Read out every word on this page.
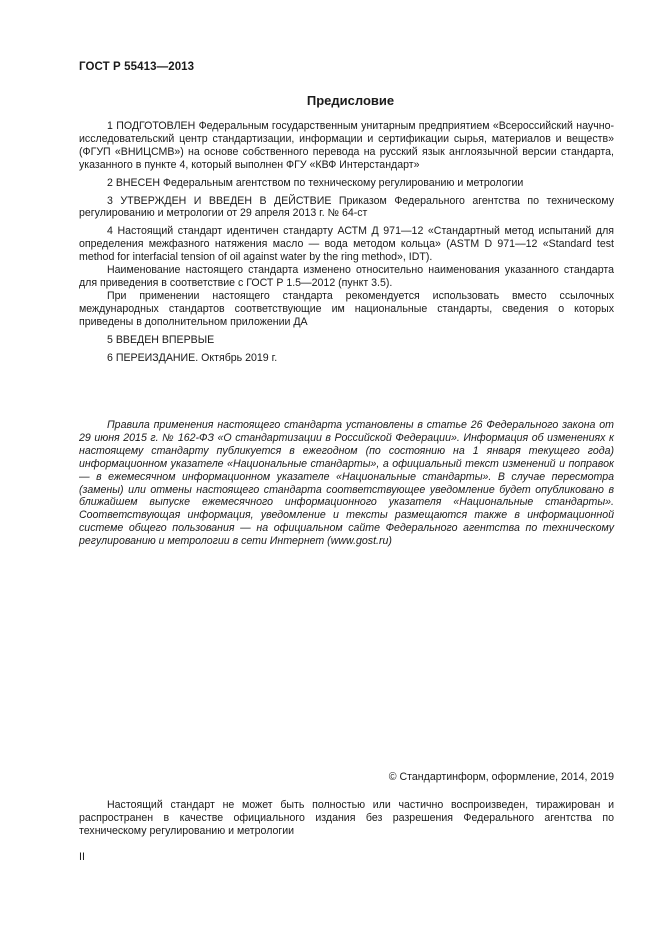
ГОСТ Р 55413—2013
Предисловие

1 ПОДГОТОВЛЕН Федеральным государственным унитарным предприятием «Всероссийский научно-исследовательский центр стандартизации, информации и сертификации сырья, материалов и веществ» (ФГУП «ВНИЦСМВ») на основе собственного перевода на русский язык англоязычной версии стандарта, указанного в пункте 4, который выполнен ФГУ «КВФ Интерстандарт»

2 ВНЕСЕН Федеральным агентством по техническому регулированию и метрологии

3 УТВЕРЖДЕН И ВВЕДЕН В ДЕЙСТВИЕ Приказом Федерального агентства по техническому регулированию и метрологии от 29 апреля 2013 г. № 64-ст

4 Настоящий стандарт идентичен стандарту АСТМ Д 971—12 «Стандартный метод испытаний для определения межфазного натяжения масло — вода методом кольца» (ASTM D 971—12 «Standard test method for interfacial tension of oil against water by the ring method», IDT).

Наименование настоящего стандарта изменено относительно наименования указанного стандарта для приведения в соответствие с ГОСТ Р 1.5—2012 (пункт 3.5).

При применении настоящего стандарта рекомендуется использовать вместо ссылочных международных стандартов соответствующие им национальные стандарты, сведения о которых приведены в дополнительном приложении ДА

5 ВВЕДЕН ВПЕРВЫЕ

6 ПЕРЕИЗДАНИЕ. Октябрь 2019 г.

Правила применения настоящего стандарта установлены в статье 26 Федерального закона от 29 июня 2015 г. № 162-ФЗ «О стандартизации в Российской Федерации». Информация об изменениях к настоящему стандарту публикуется в ежегодном (по состоянию на 1 января текущего года) информационном указателе «Национальные стандарты», а официальный текст изменений и поправок — в ежемесячном информационном указателе «Национальные стандарты». В случае пересмотра (замены) или отмены настоящего стандарта соответствующее уведомление будет опубликовано в ближайшем выпуске ежемесячного информационного указателя «Национальные стандарты». Соответствующая информация, уведомление и тексты размещаются также в информационной системе общего пользования — на официальном сайте Федерального агентства по техническому регулированию и метрологии в сети Интернет (www.gost.ru)

© Стандартинформ, оформление, 2014, 2019

Настоящий стандарт не может быть полностью или частично воспроизведен, тиражирован и распространен в качестве официального издания без разрешения Федерального агентства по техническому регулированию и метрологии

II
